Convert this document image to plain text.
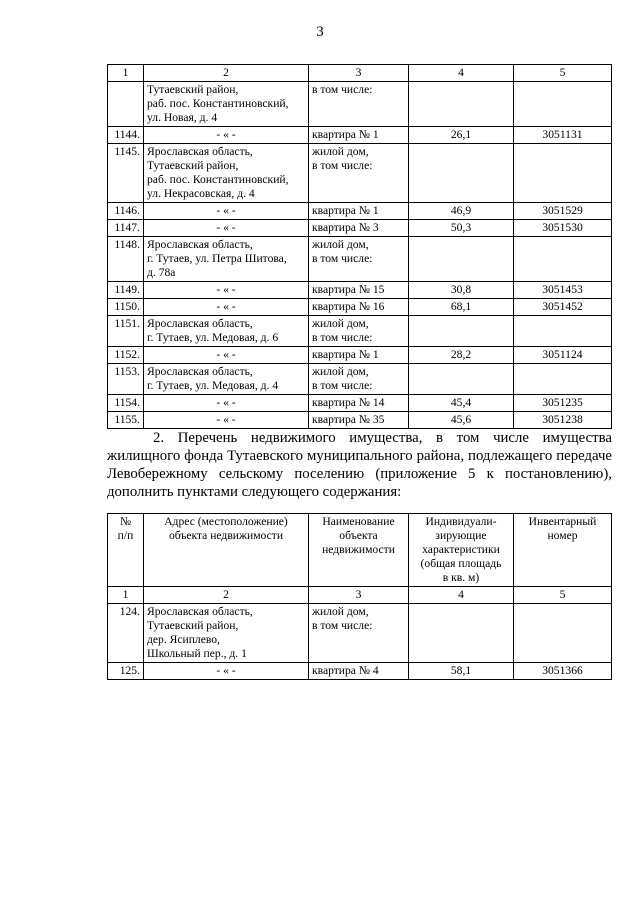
3
1	2	3	4	5
	Тутаевский район,
раб. пос. Константиновский,
ул. Новая, д. 4	в том числе:		
1144.	- « -	квартира № 1	26,1	3051131
1145.	Ярославская область,
Тутаевский район,
раб. пос. Константиновский,
ул. Некрасовская, д. 4	жилой дом,
в том числе:		
1146.	- « -	квартира № 1	46,9	3051529
1147.	- « -	квартира № 3	50,3	3051530
1148.	Ярославская область,
г. Тутаев, ул. Петра Шитова,
д. 78а	жилой дом,
в том числе:		
1149.	- « -	квартира № 15	30,8	3051453
1150.	- « -	квартира № 16	68,1	3051452
1151.	Ярославская область,
г. Тутаев, ул. Медовая, д. 6	жилой дом,
в том числе:		
1152.	- « -	квартира № 1	28,2	3051124
1153.	Ярославская область,
г. Тутаев, ул. Медовая, д. 4	жилой дом,
в том числе:		
1154.	- « -	квартира № 14	45,4	3051235
1155.	- « -	квартира № 35	45,6	3051238
2. Перечень недвижимого имущества, в том числе имущества жилищного фонда Тутаевского муниципального района, подлежащего передаче Левобережному сельскому поселению (приложение 5 к постановлению), дополнить пунктами следующего содержания:
№
п/п	Адрес (местоположение)
объекта недвижимости	Наименование
объекта
недвижимости	Индивидуали-
зирующие
характеристики
(общая площадь
в кв. м)	Инвентарный
номер
1	2	3	4	5
124.	Ярославская область,
Тутаевский район,
дер. Ясиплево,
Школьный пер., д. 1	жилой дом,
в том числе:		
125.	- « -	квартира № 4	58,1	3051366
